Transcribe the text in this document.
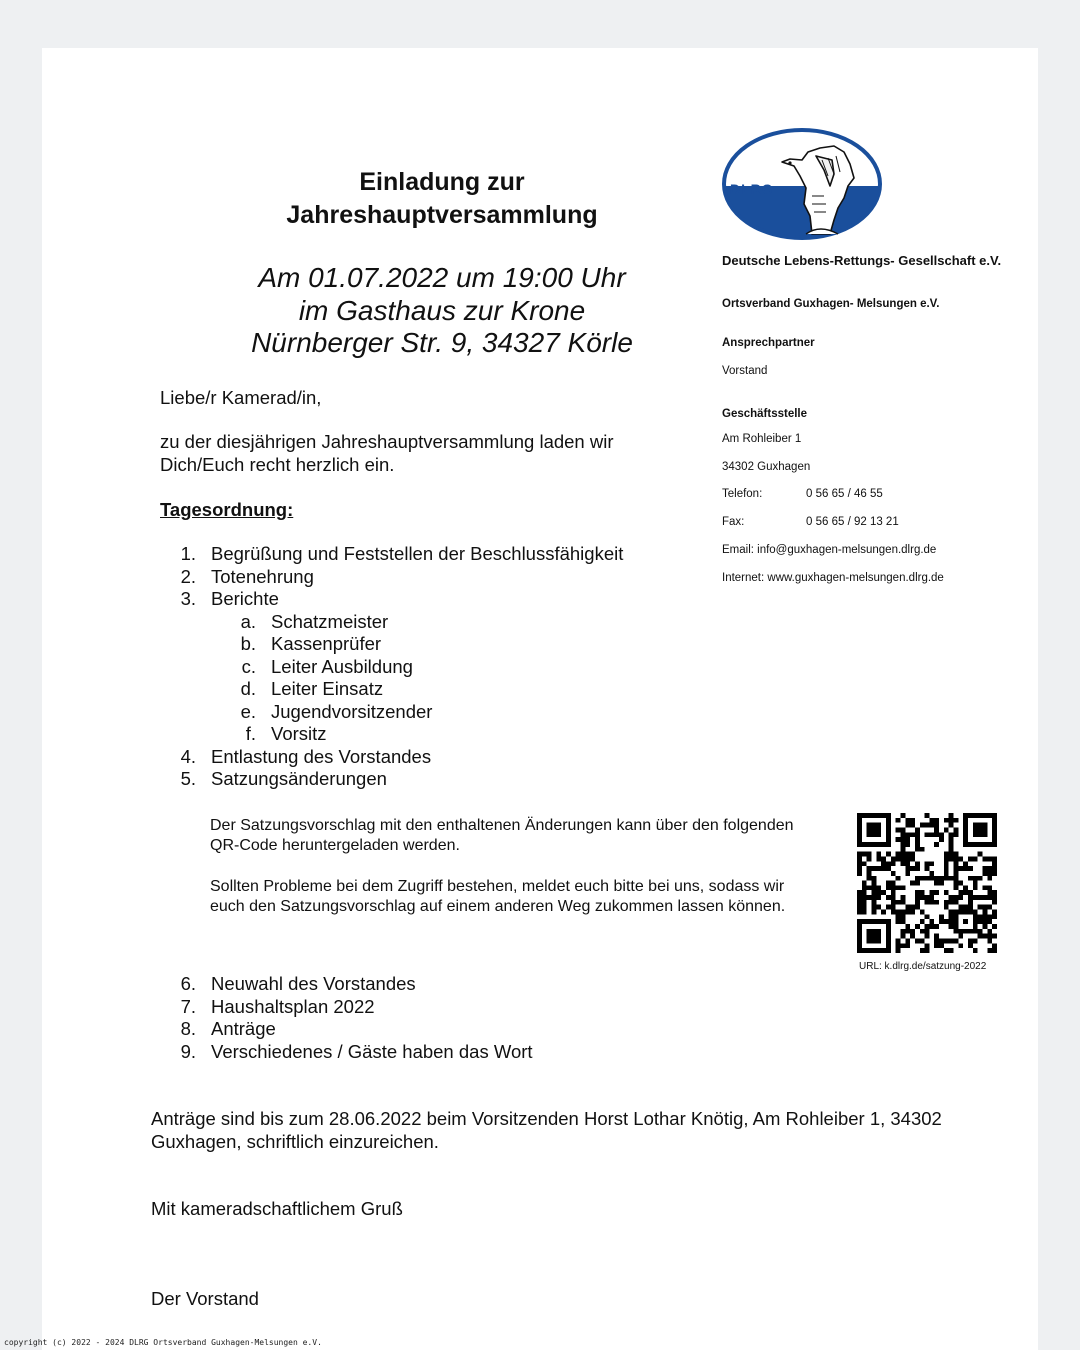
Einladung zur
Jahreshauptversammlung
Am 01.07.2022 um 19:00 Uhr
im Gasthaus zur Krone
Nürnberger Str. 9, 34327 Körle
DLRG
Deutsche Lebens-Rettungs- Gesellschaft e.V.
Ortsverband Guxhagen- Melsungen e.V.
Ansprechpartner
Vorstand
Geschäftsstelle
Am Rohleiber 1
34302 Guxhagen
Telefon:	0 56 65 / 46 55
Fax:	0 56 65 / 92 13 21
Email: info@guxhagen-melsungen.dlrg.de
Internet: www.guxhagen-melsungen.dlrg.de
Liebe/r Kamerad/in,
zu der diesjährigen Jahreshauptversammlung laden wir
Dich/Euch recht herzlich ein.
Tagesordnung:
1. Begrüßung und Feststellen der Beschlussfähigkeit
2. Totenehrung
3. Berichte
a. Schatzmeister
b. Kassenprüfer
c. Leiter Ausbildung
d. Leiter Einsatz
e. Jugendvorsitzender
f. Vorsitz
4. Entlastung des Vorstandes
5. Satzungsänderungen
Der Satzungsvorschlag mit den enthaltenen Änderungen kann über den folgenden QR-Code heruntergeladen werden.
Sollten Probleme bei dem Zugriff bestehen, meldet euch bitte bei uns, sodass wir euch den Satzungsvorschlag auf einem anderen Weg zukommen lassen können.
URL: k.dlrg.de/satzung-2022
6. Neuwahl des Vorstandes
7. Haushaltsplan 2022
8. Anträge
9. Verschiedenes / Gäste haben das Wort
Anträge sind bis zum 28.06.2022 beim Vorsitzenden Horst Lothar Knötig, Am Rohleiber 1, 34302
Guxhagen, schriftlich einzureichen.
Mit kameradschaftlichem Gruß
Der Vorstand
copyright (c) 2022 - 2024 DLRG Ortsverband Guxhagen-Melsungen e.V.
